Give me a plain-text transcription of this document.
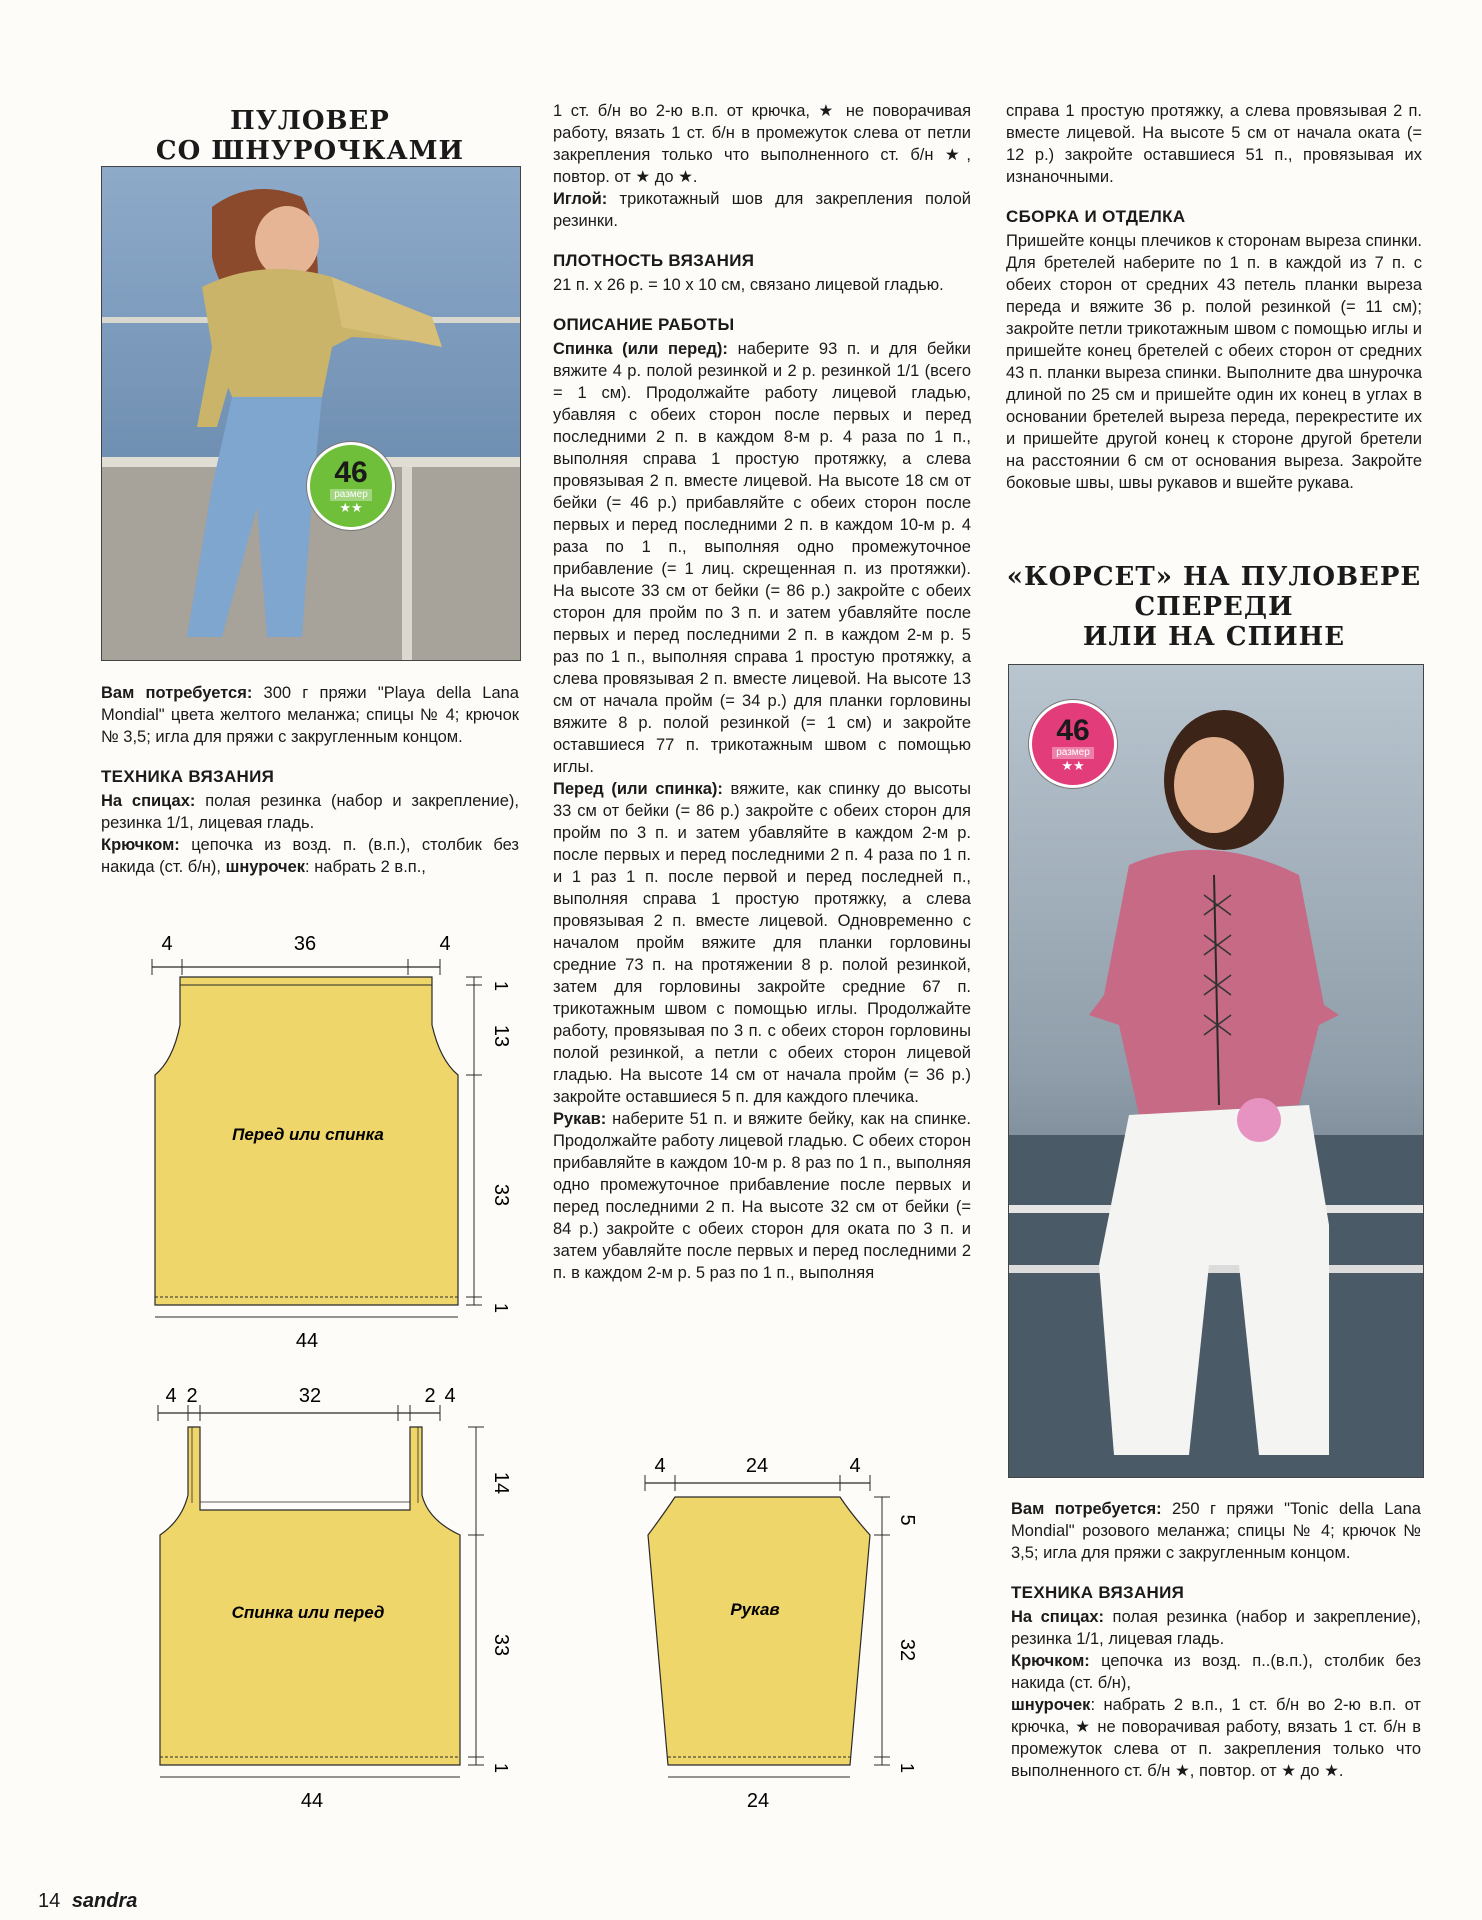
ПУЛОВЕР
СО ШНУРОЧКАМИ
46
размер
★★

Вам потребуется: 300 г пряжи "Playa della Lana Mondial" цвета желтого меланжа; спицы № 4; крючок № 3,5; игла для пряжи с закругленным концом.

ТЕХНИКА ВЯЗАНИЯ

На спицах: полая резинка (набор и закрепление), резинка 1/1, лицевая гладь.

Крючком: цепочка из возд. п. (в.п.), столбик без накида (ст. б/н), шнурочек: набрать 2 в.п.,

4	36	4
Перед или спинка
1
13
33
1
44
4 2	32	2 4
Спинка или перед
14
33
1
44

1 ст. б/н во 2-ю в.п. от крючка, ★ не поворачивая работу, вязать 1 ст. б/н в промежуток слева от петли закрепления только что выполненного ст. б/н ★, повтор. от ★ до ★.

Иглой: трикотажный шов для закрепления полой резинки.

ПЛОТНОСТЬ ВЯЗАНИЯ

21 п. х 26 р. = 10 х 10 см, связано лицевой гладью.

ОПИСАНИЕ РАБОТЫ

Спинка (или перед): наберите 93 п. и для бейки вяжите 4 р. полой резинкой и 2 р. резинкой 1/1 (всего = 1 см). Продолжайте работу лицевой гладью, убавляя с обеих сторон после первых и перед последними 2 п. в каждом 8-м р. 4 раза по 1 п., выполняя справа 1 простую протяжку, а слева провязывая 2 п. вместе лицевой. На высоте 18 см от бейки (= 46 р.) прибавляйте с обеих сторон после первых и перед последними 2 п. в каждом 10-м р. 4 раза по 1 п., выполняя одно промежуточное прибавление (= 1 лиц. скрещенная п. из протяжки). На высоте 33 см от бейки (= 86 р.) закройте с обеих сторон для пройм по 3 п. и затем убавляйте после первых и перед последними 2 п. в каждом 2-м р. 5 раз по 1 п., выполняя справа 1 простую протяжку, а слева провязывая 2 п. вместе лицевой. На высоте 13 см от начала пройм (= 34 р.) для планки горловины вяжите 8 р. полой резинкой (= 1 см) и закройте оставшиеся 77 п. трикотажным швом с помощью иглы.

Перед (или спинка): вяжите, как спинку до высоты 33 см от бейки (= 86 р.) закройте с обеих сторон для пройм по 3 п. и затем убавляйте в каждом 2-м р. после первых и перед последними 2 п. 4 раза по 1 п. и 1 раз 1 п. после первой и перед последней п., выполняя справа 1 простую протяжку, а слева провязывая 2 п. вместе лицевой. Одновременно с началом пройм вяжите для планки горловины средние 73 п. на протяжении 8 р. полой резинкой, затем для горловины закройте средние 67 п. трикотажным швом с помощью иглы. Продолжайте работу, провязывая по 3 п. с обеих сторон горловины полой резинкой, а петли с обеих сторон лицевой гладью. На высоте 14 см от начала пройм (= 36 р.) закройте оставшиеся 5 п. для каждого плечика.

Рукав: наберите 51 п. и вяжите бейку, как на спинке. Продолжайте работу лицевой гладью. С обеих сторон прибавляйте в каждом 10-м р. 8 раз по 1 п., выполняя одно промежуточное прибавление после первых и перед последними 2 п. На высоте 32 см от бейки (= 84 р.) закройте с обеих сторон для оката по 3 п. и затем убавляйте после первых и перед последними 2 п. в каждом 2-м р. 5 раз по 1 п., выполняя

4	24	4
Рукав
5
32
1
24

справа 1 простую протяжку, а слева провязывая 2 п. вместе лицевой. На высоте 5 см от начала оката (= 12 р.) закройте оставшиеся 51 п., провязывая их изнаночными.

СБОРКА И ОТДЕЛКА

Пришейте концы плечиков к сторонам выреза спинки. Для бретелей наберите по 1 п. в каждой из 7 п. с обеих сторон от средних 43 петель планки выреза переда и вяжите 36 р. полой резинкой (= 11 см); закройте петли трикотажным швом с помощью иглы и пришейте конец бретелей с обеих сторон от средних 43 п. планки выреза спинки. Выполните два шнурочка длиной по 25 см и пришейте один их конец в углах в основании бретелей выреза переда, перекрестите их и пришейте другой конец к стороне другой бретели на расстоянии 6 см от основания выреза. Закройте боковые швы, швы рукавов и вшейте рукава.

«КОРСЕТ» НА ПУЛОВЕРЕ
СПЕРЕДИ
ИЛИ НА СПИНЕ
46
размер
★★

Вам потребуется: 250 г пряжи "Tonic della Lana Mondial" розового меланжа; спицы № 4; крючок № 3,5; игла для пряжи с закругленным концом.

ТЕХНИКА ВЯЗАНИЯ

На спицах: полая резинка (набор и закрепление), резинка 1/1, лицевая гладь.

Крючком: цепочка из возд. п..(в.п.), столбик без накида (ст. б/н),

шнурочек: набрать 2 в.п., 1 ст. б/н во 2-ю в.п. от крючка, ★ не поворачивая работу, вязать 1 ст. б/н в промежуток слева от п. закрепления только что выполненного ст. б/н ★, повтор. от ★ до ★.

14 sandra
